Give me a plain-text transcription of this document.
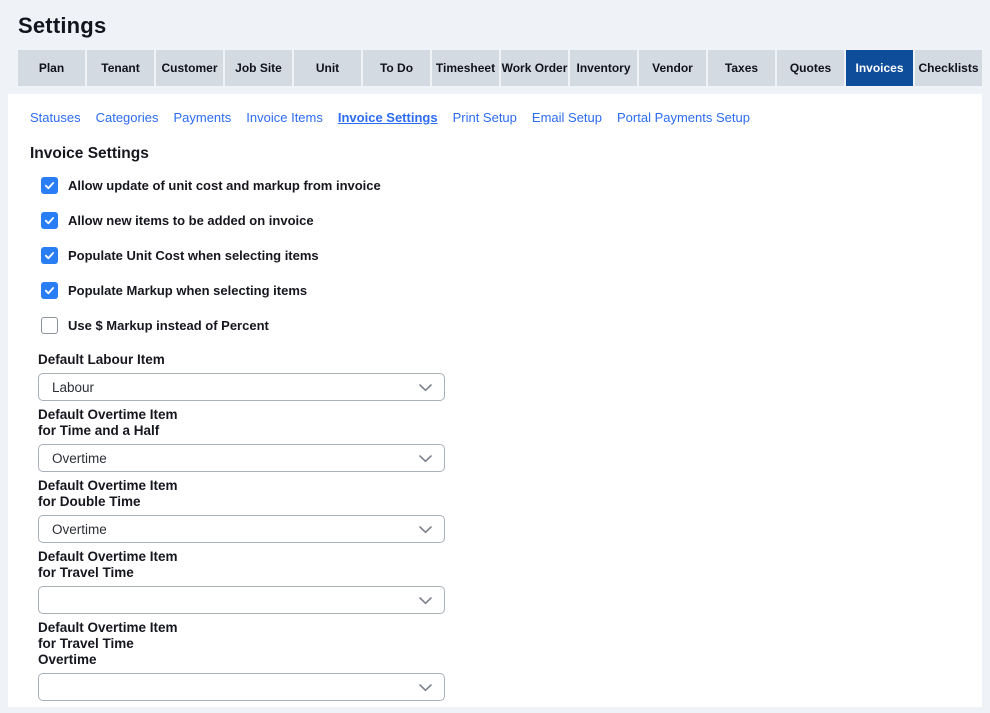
Settings
Plan	Tenant	Customer	Job Site	Unit	To Do	Timesheet Work Order Inventory	Vendor	Taxes	Quotes	Invoices	Checklists
Statuses Categories Payments Invoice Items Invoice Settings Print Setup Email Setup Portal Payments Setup
Invoice Settings
Allow update of unit cost and markup from invoice
Allow new items to be added on invoice
Populate Unit Cost when selecting items
Populate Markup when selecting items
Use $ Markup instead of Percent
Default Labour Item
Labour
Default Overtime Item
for Time and a Half
Overtime
Default Overtime Item
for Double Time
Overtime
Default Overtime Item
for Travel Time
Default Overtime Item
for Travel Time
Overtime
